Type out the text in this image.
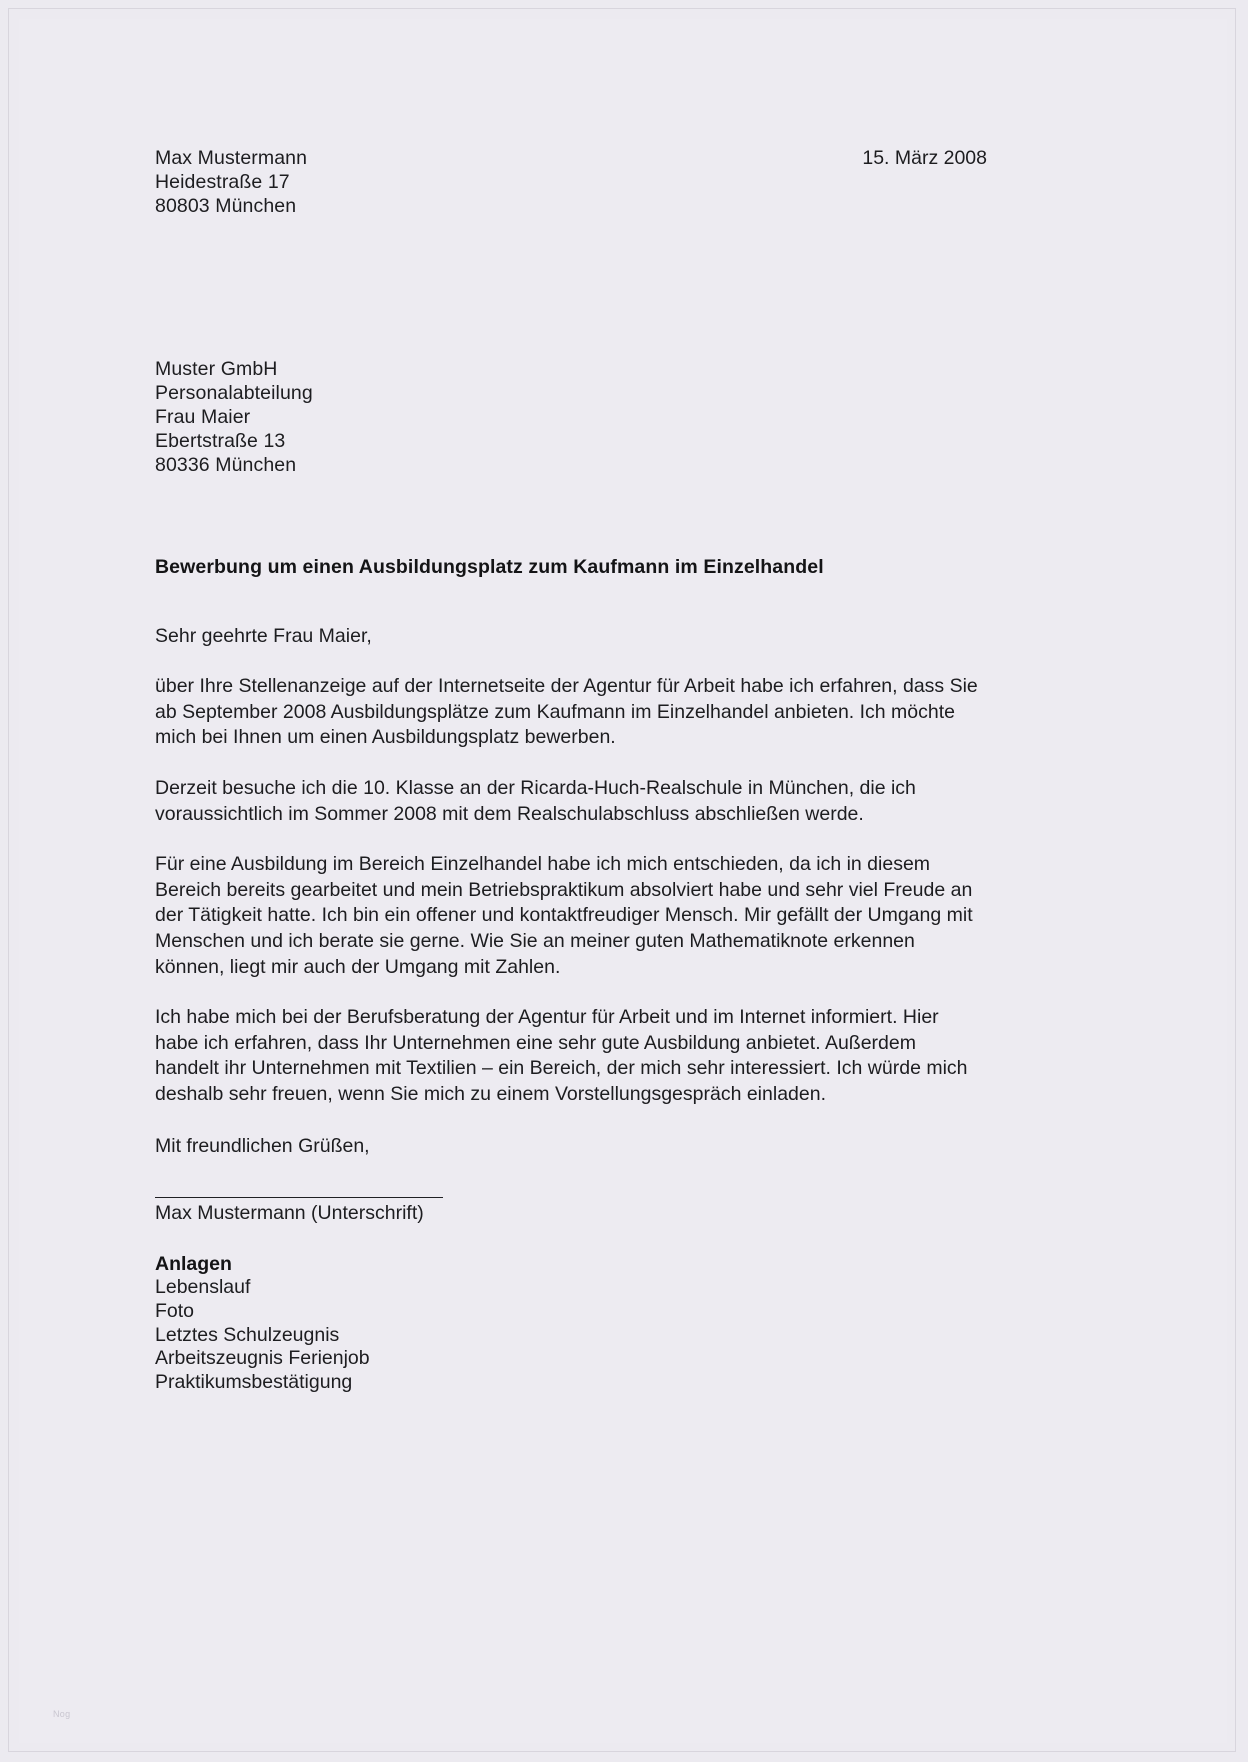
Max Mustermann
Heidestraße 17
80803 München
15. März 2008
Muster GmbH
Personalabteilung
Frau Maier
Ebertstraße 13
80336 München
Bewerbung um einen Ausbildungsplatz zum Kaufmann im Einzelhandel
Sehr geehrte Frau Maier,

über Ihre Stellenanzeige auf der Internetseite der Agentur für Arbeit habe ich erfahren, dass Sie ab September 2008 Ausbildungsplätze zum Kaufmann im Einzelhandel anbieten. Ich möchte mich bei Ihnen um einen Ausbildungsplatz bewerben.

Derzeit besuche ich die 10. Klasse an der Ricarda-Huch-Realschule in München, die ich voraussichtlich im Sommer 2008 mit dem Realschulabschluss abschließen werde.

Für eine Ausbildung im Bereich Einzelhandel habe ich mich entschieden, da ich in diesem Bereich bereits gearbeitet und mein Betriebspraktikum absolviert habe und sehr viel Freude an der Tätigkeit hatte. Ich bin ein offener und kontaktfreudiger Mensch. Mir gefällt der Umgang mit Menschen und ich berate sie gerne. Wie Sie an meiner guten Mathematiknote erkennen können, liegt mir auch der Umgang mit Zahlen.

Ich habe mich bei der Berufsberatung der Agentur für Arbeit und im Internet informiert. Hier habe ich erfahren, dass Ihr Unternehmen eine sehr gute Ausbildung anbietet. Außerdem handelt ihr Unternehmen mit Textilien – ein Bereich, der mich sehr interessiert. Ich würde mich deshalb sehr freuen, wenn Sie mich zu einem Vorstellungsgespräch einladen.

Mit freundlichen Grüßen,
Max Mustermann (Unterschrift)
Anlagen
Lebenslauf
Foto
Letztes Schulzeugnis
Arbeitszeugnis Ferienjob
Praktikumsbestätigung
Nog
